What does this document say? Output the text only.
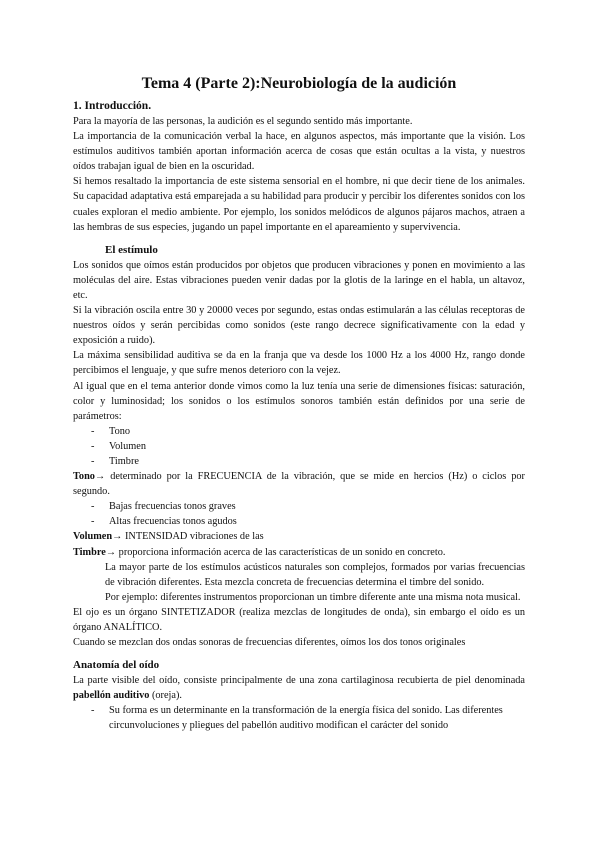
Tema 4 (Parte 2):Neurobiología de la audición
1. Introducción.

Para la mayoría de las personas, la audición es el segundo sentido más importante.

La importancia de la comunicación verbal la hace, en algunos aspectos, más importante que la visión. Los estímulos auditivos también aportan información acerca de cosas que están ocultas a la vista, y nuestros oídos trabajan igual de bien en la oscuridad.

Si hemos resaltado la importancia de este sistema sensorial en el hombre, ni que decir tiene de los animales. Su capacidad adaptativa está emparejada a su habilidad para producir y percibir los diferentes sonidos con los cuales exploran el medio ambiente. Por ejemplo, los sonidos melódicos de algunos pájaros machos, atraen a las hembras de sus especies, jugando un papel importante en el apareamiento y supervivencia.

El estímulo

Los sonidos que oímos están producidos por objetos que producen vibraciones y ponen en movimiento a las moléculas del aire. Estas vibraciones pueden venir dadas por la glotis de la laringe en el habla, un altavoz, etc.

Si la vibración oscila entre 30 y 20000 veces por segundo, estas ondas estimularán a las células receptoras de nuestros oídos y serán percibidas como sonidos (este rango decrece significativamente con la edad y exposición a ruido).

La máxima sensibilidad auditiva se da en la franja que va desde los 1000 Hz a los 4000 Hz, rango donde percibimos el lenguaje, y que sufre menos deterioro con la vejez.

Al igual que en el tema anterior donde vimos como la luz tenía una serie de dimensiones físicas: saturación, color y luminosidad; los sonidos o los estímulos sonoros también están definidos por una serie de parámetros:

- Tono
- Volumen
- Timbre

Tono→ determinado por la FRECUENCIA de la vibración, que se mide en hercios (Hz) o ciclos por segundo.

- Bajas frecuencias tonos graves
- Altas frecuencias tonos agudos

Volumen→ INTENSIDAD vibraciones de las

Timbre→ proporciona información acerca de las características de un sonido en concreto.

La mayor parte de los estímulos acústicos naturales son complejos, formados por varias frecuencias de vibración diferentes. Esta mezcla concreta de frecuencias determina el timbre del sonido.

Por ejemplo: diferentes instrumentos proporcionan un timbre diferente ante una misma nota musical.

El ojo es un órgano SINTETIZADOR (realiza mezclas de longitudes de onda), sin embargo el oído es un órgano ANALÍTICO.

Cuando se mezclan dos ondas sonoras de frecuencias diferentes, oímos los dos tonos originales

Anatomía del oído

La parte visible del oído, consiste principalmente de una zona cartilaginosa recubierta de piel denominada pabellón auditivo (oreja).

- Su forma es un determinante en la transformación de la energía física del sonido. Las diferentes circunvoluciones y pliegues del pabellón auditivo modifican el carácter del sonido
